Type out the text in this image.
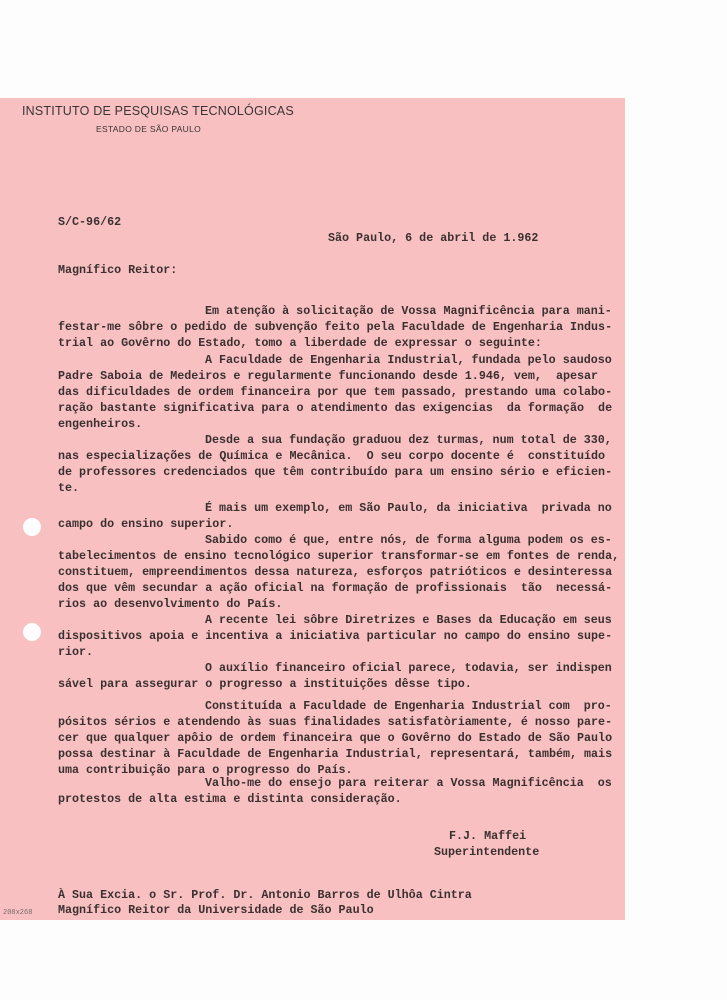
INSTITUTO DE PESQUISAS TECNOLÓGICAS
ESTADO DE SÃO PAULO
S/C-96/62
São Paulo, 6 de abril de 1.962
Magnífico Reitor:
Em atenção à solicitação de Vossa Magnificência para mani-
festar-me sôbre o pedido de subvenção feito pela Faculdade de Engenharia Indus-
trial ao Govêrno do Estado, tomo a liberdade de expressar o seguinte:
A Faculdade de Engenharia Industrial, fundada pelo saudoso
Padre Saboia de Medeiros e regularmente funcionando desde 1.946, vem,  apesar
das dificuldades de ordem financeira por que tem passado, prestando uma colabo-
ração bastante significativa para o atendimento das exigencias  da formação  de
engenheiros.
Desde a sua fundação graduou dez turmas, num total de 330,
nas especializações de Química e Mecânica.  O seu corpo docente é  constituído
de professores credenciados que têm contribuído para um ensino sério e eficien-
te.
É mais um exemplo, em São Paulo, da iniciativa  privada no
campo do ensino superior.
Sabido como é que, entre nós, de forma alguma podem os es-
tabelecimentos de ensino tecnológico superior transformar-se em fontes de renda,
constituem, empreendimentos dessa natureza, esforços patrióticos e desinteressa
dos que vêm secundar a ação oficial na formação de profissionais  tão  necessá-
rios ao desenvolvimento do País.
A recente lei sôbre Diretrizes e Bases da Educação em seus
dispositivos apoia e incentiva a iniciativa particular no campo do ensino supe-
rior.
O auxílio financeiro oficial parece, todavia, ser indispen
sável para assegurar o progresso a instituições dêsse tipo.
Constituída a Faculdade de Engenharia Industrial com  pro-
pósitos sérios e atendendo às suas finalidades satisfatòriamente, é nosso pare-
cer que qualquer apôio de ordem financeira que o Govêrno do Estado de São Paulo
possa destinar à Faculdade de Engenharia Industrial, representará, também, mais
uma contribuição para o progresso do País.
Valho-me do ensejo para reiterar a Vossa Magnificência  os
protestos de alta estima e distinta consideração.
F.J. Maffei
Superintendente
À Sua Excia. o Sr. Prof. Dr. Antonio Barros de Ulhôa Cintra
Magnífico Reitor da Universidade de São Paulo
208x268
